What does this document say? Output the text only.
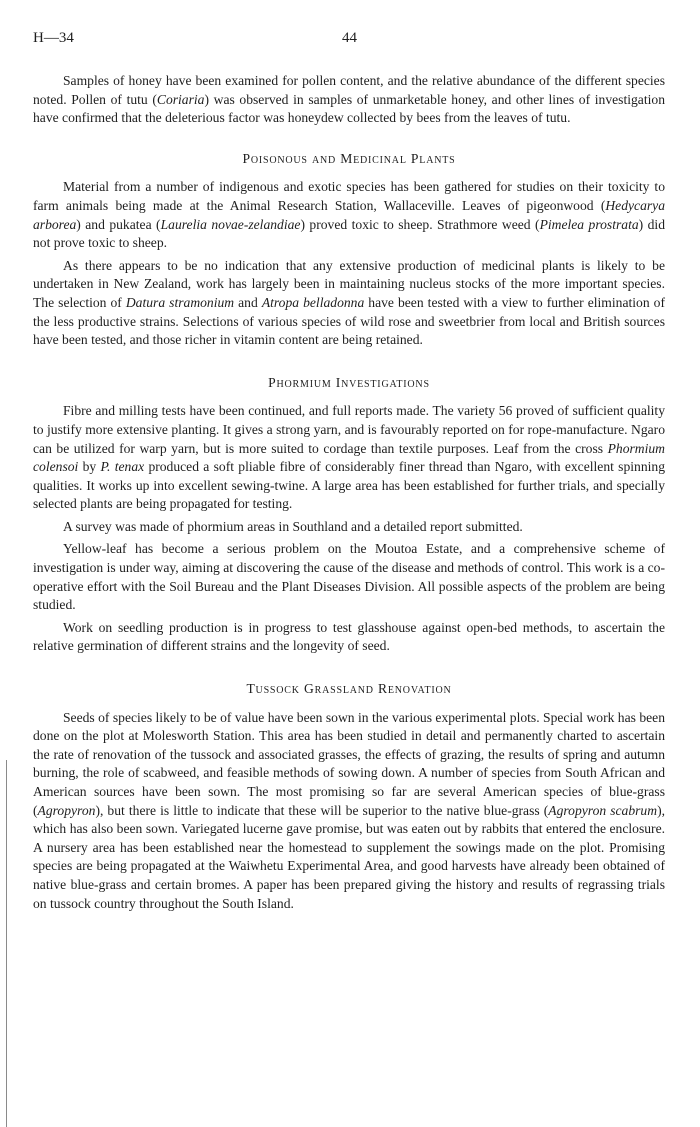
H—34	44

Samples of honey have been examined for pollen content, and the relative abundance of the different species noted. Pollen of tutu (Coriaria) was observed in samples of unmarketable honey, and other lines of investigation have confirmed that the deleterious factor was honeydew collected by bees from the leaves of tutu.

Poisonous and Medicinal Plants

Material from a number of indigenous and exotic species has been gathered for studies on their toxicity to farm animals being made at the Animal Research Station, Wallaceville. Leaves of pigeonwood (Hedycarya arborea) and pukatea (Laurelia novae-zelandiae) proved toxic to sheep. Strathmore weed (Pimelea prostrata) did not prove toxic to sheep.

As there appears to be no indication that any extensive production of medicinal plants is likely to be undertaken in New Zealand, work has largely been in maintaining nucleus stocks of the more important species. The selection of Datura stramonium and Atropa belladonna have been tested with a view to further elimination of the less productive strains. Selections of various species of wild rose and sweetbrier from local and British sources have been tested, and those richer in vitamin content are being retained.

Phormium Investigations

Fibre and milling tests have been continued, and full reports made. The variety 56 proved of sufficient quality to justify more extensive planting. It gives a strong yarn, and is favourably reported on for rope-manufacture. Ngaro can be utilized for warp yarn, but is more suited to cordage than textile purposes. Leaf from the cross Phormium colensoi by P. tenax produced a soft pliable fibre of considerably finer thread than Ngaro, with excellent spinning qualities. It works up into excellent sewing-twine. A large area has been established for further trials, and specially selected plants are being propagated for testing.

A survey was made of phormium areas in Southland and a detailed report submitted.

Yellow-leaf has become a serious problem on the Moutoa Estate, and a comprehensive scheme of investigation is under way, aiming at discovering the cause of the disease and methods of control. This work is a co-operative effort with the Soil Bureau and the Plant Diseases Division. All possible aspects of the problem are being studied.

Work on seedling production is in progress to test glasshouse against open-bed methods, to ascertain the relative germination of different strains and the longevity of seed.

Tussock Grassland Renovation

Seeds of species likely to be of value have been sown in the various experimental plots. Special work has been done on the plot at Molesworth Station. This area has been studied in detail and permanently charted to ascertain the rate of renovation of the tussock and associated grasses, the effects of grazing, the results of spring and autumn burning, the role of scabweed, and feasible methods of sowing down. A number of species from South African and American sources have been sown. The most promising so far are several American species of blue-grass (Agropyron), but there is little to indicate that these will be superior to the native blue-grass (Agropyron scabrum), which has also been sown. Variegated lucerne gave promise, but was eaten out by rabbits that entered the enclosure. A nursery area has been established near the homestead to supplement the sowings made on the plot. Promising species are being propagated at the Waiwhetu Experimental Area, and good harvests have already been obtained of native blue-grass and certain bromes. A paper has been prepared giving the history and results of regrassing trials on tussock country throughout the South Island.
